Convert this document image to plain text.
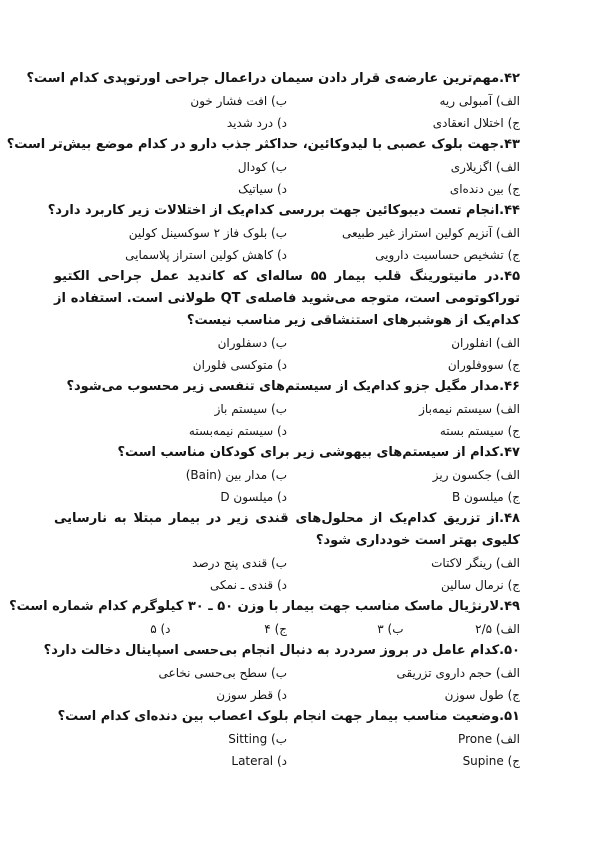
۴۲.مهم‌ترین عارضه‌ی قرار دادن سیمان دراعمال جراحی اورتوپدی کدام است؟

الف) آمبولی ریه
ب) افت فشار خون
ج) اختلال انعقادی
د) درد شدید

۴۳.جهت بلوک عصبی با لیدوکائین، حداکثر جذب دارو در کدام موضع بیش‌تر است؟

الف) اگزیلاری
ب) کودال
ج) بین دنده‌ای
د) سیاتیک

۴۴.انجام تست دیبوکائین جهت بررسی کدام‌یک از اختلالات زیر کاربرد دارد؟

الف) آنزیم کولین استراز غیر طبیعی
ب) بلوک فاز ۲ سوکسینل کولین
ج) تشخیص حساسیت دارویی
د) کاهش کولین استراز پلاسمایی

۴۵.در مانیتورینگ قلب بیمار ۵۵ ساله‌ای که کاندید عمل جراحی الکتیو توراکوتومی است، متوجه می‌شوید فاصله‌ی QT طولانی است. استفاده از کدام‌یک از هوشبرهای استنشاقی زیر مناسب نیست؟

الف) انفلوران
ب) دسفلوران
ج) سووفلوران
د) متوکسی فلوران

۴۶.مدار مگیل جزو کدام‌یک از سیستم‌های تنفسی زیر محسوب می‌شود؟

الف) سیستم نیمه‌باز
ب) سیستم باز
ج) سیستم بسته
د) سیستم نیمه‌بسته

۴۷.کدام از سیستم‌های بیهوشی زیر برای کودکان مناسب است؟

الف) جکسون ریز
ب) مدار بین (Bain)
ج) میلسون B
د) میلسون D

۴۸.از تزریق کدام‌یک از محلول‌های قندی زیر در بیمار مبتلا به نارسایی کلیوی بهتر است خودداری شود؟

الف) رینگر لاکتات
ب) قندی پنج درصد
ج) نرمال سالین
د) قندی ـ نمکی

۴۹.لارنژیال ماسک مناسب جهت بیمار با وزن ۵۰ ـ ۳۰ کیلوگرم کدام شماره است؟

الف) ۲/۵
ب) ۳
ج) ۴
د) ۵

۵۰.کدام عامل در بروز سردرد به دنبال انجام بی‌حسی اسپاینال دخالت دارد؟

الف) حجم داروی تزریقی
ب) سطح بی‌حسی نخاعی
ج) طول سوزن
د) قطر سوزن

۵۱.وضعیت مناسب بیمار جهت انجام بلوک اعصاب بین دنده‌ای کدام است؟

الف) Prone
ب) Sitting
ج) Supine
د) Lateral
